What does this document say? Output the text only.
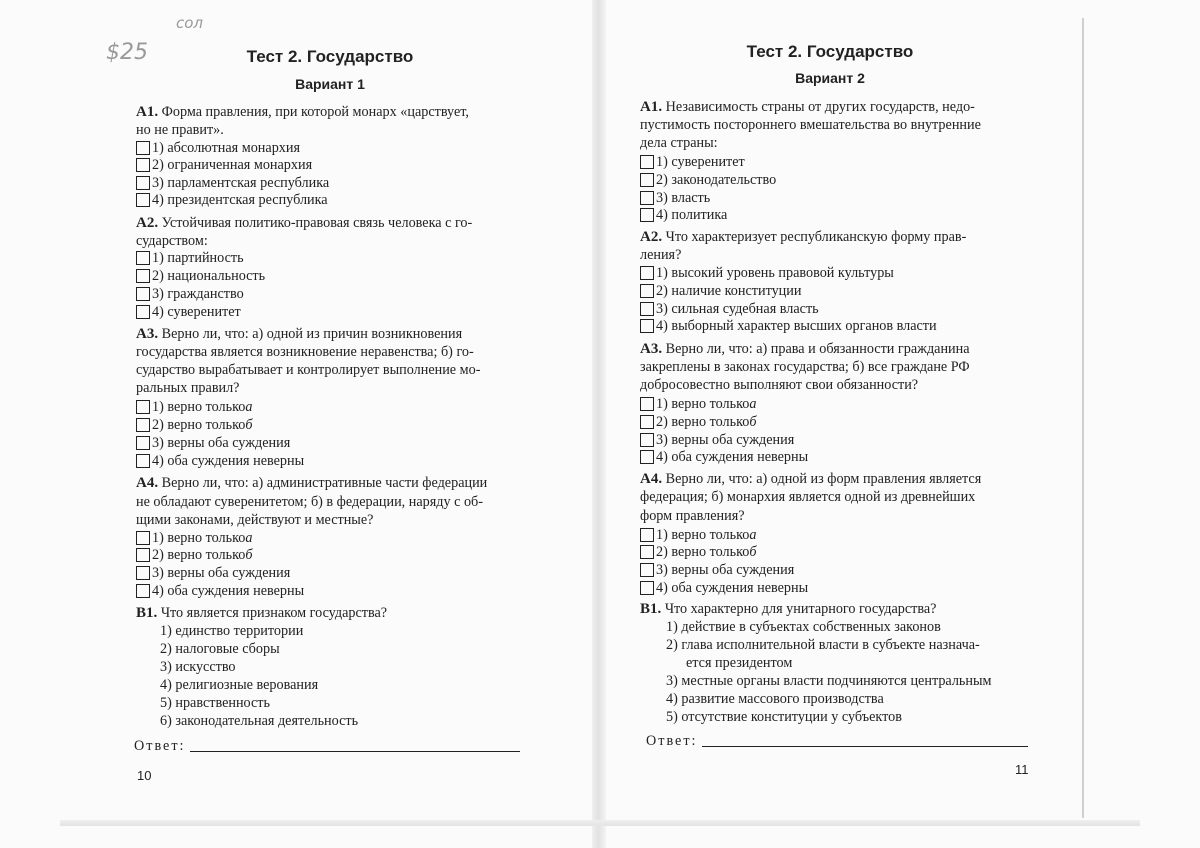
сол
$25	Тест 2. Государство
Вариант 1
А1. Форма правления, при которой монарх «царствует,
но не правит».
1) абсолютная монархия
2) ограниченная монархия
3) парламентская республика
4) президентская республика
А2. Устойчивая политико-правовая связь человека с го-
сударством:
1) партийность
2) национальность
3) гражданство
4) суверенитет
А3. Верно ли, что: а) одной из причин возникновения
государства является возникновение неравенства; б) го-
сударство вырабатывает и контролирует выполнение мо-
ральных правил?
1) верно только а
2) верно только б
3) верны оба суждения
4) оба суждения неверны
А4. Верно ли, что: а) административные части федерации
не обладают суверенитетом; б) в федерации, наряду с об-
щими законами, действуют и местные?
1) верно только а
2) верно только б
3) верны оба суждения
4) оба суждения неверны
В1. Что является признаком государства?
1) единство территории
2) налоговые сборы
3) искусство
4) религиозные верования
5) нравственность
6) законодательная деятельность
Ответ:
10
Тест 2. Государство
Вариант 2
А1. Независимость страны от других государств, недо-
пустимость постороннего вмешательства во внутренние
дела страны:
1) суверенитет
2) законодательство
3) власть
4) политика
А2. Что характеризует республиканскую форму прав-
ления?
1) высокий уровень правовой культуры
2) наличие конституции
3) сильная судебная власть
4) выборный характер высших органов власти
А3. Верно ли, что: а) права и обязанности гражданина
закреплены в законах государства; б) все граждане РФ
добросовестно выполняют свои обязанности?
1) верно только а
2) верно только б
3) верны оба суждения
4) оба суждения неверны
А4. Верно ли, что: а) одной из форм правления является
федерация; б) монархия является одной из древнейших
форм правления?
1) верно только а
2) верно только б
3) верны оба суждения
4) оба суждения неверны
В1. Что характерно для унитарного государства?
1) действие в субъектах собственных законов
2) глава исполнительной власти в субъекте назнача-
ется президентом
3) местные органы власти подчиняются центральным
4) развитие массового производства
5) отсутствие конституции у субъектов
Ответ:
11
